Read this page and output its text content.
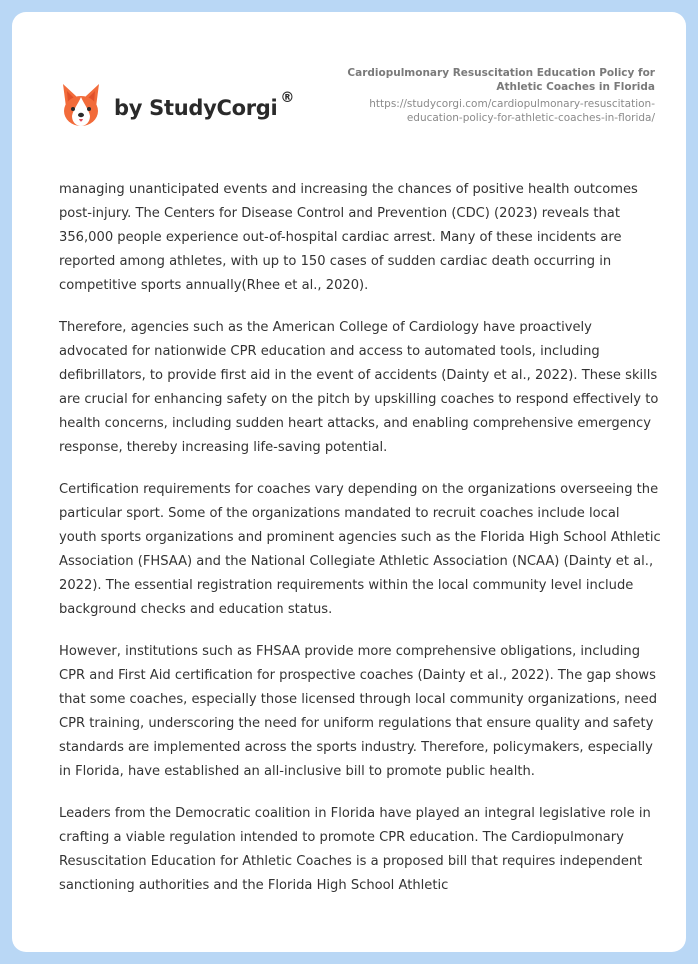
by StudyCorgi ®
Cardiopulmonary Resuscitation Education Policy for Athletic Coaches in Florida
https://studycorgi.com/cardiopulmonary-resuscitation-education-policy-for-athletic-coaches-in-florida/

managing unanticipated events and increasing the chances of positive health outcomes post-injury. The Centers for Disease Control and Prevention (CDC) (2023) reveals that 356,000 people experience out-of-hospital cardiac arrest. Many of these incidents are reported among athletes, with up to 150 cases of sudden cardiac death occurring in competitive sports annually(Rhee et al., 2020).

Therefore, agencies such as the American College of Cardiology have proactively advocated for nationwide CPR education and access to automated tools, including defibrillators, to provide first aid in the event of accidents (Dainty et al., 2022). These skills are crucial for enhancing safety on the pitch by upskilling coaches to respond effectively to health concerns, including sudden heart attacks, and enabling comprehensive emergency response, thereby increasing life-saving potential.

Certification requirements for coaches vary depending on the organizations overseeing the particular sport. Some of the organizations mandated to recruit coaches include local youth sports organizations and prominent agencies such as the Florida High School Athletic Association (FHSAA) and the National Collegiate Athletic Association (NCAA) (Dainty et al., 2022). The essential registration requirements within the local community level include background checks and education status.

However, institutions such as FHSAA provide more comprehensive obligations, including CPR and First Aid certification for prospective coaches (Dainty et al., 2022). The gap shows that some coaches, especially those licensed through local community organizations, need CPR training, underscoring the need for uniform regulations that ensure quality and safety standards are implemented across the sports industry. Therefore, policymakers, especially in Florida, have established an all-inclusive bill to promote public health.

Leaders from the Democratic coalition in Florida have played an integral legislative role in crafting a viable regulation intended to promote CPR education. The Cardiopulmonary Resuscitation Education for Athletic Coaches is a proposed bill that requires independent sanctioning authorities and the Florida High School Athletic
